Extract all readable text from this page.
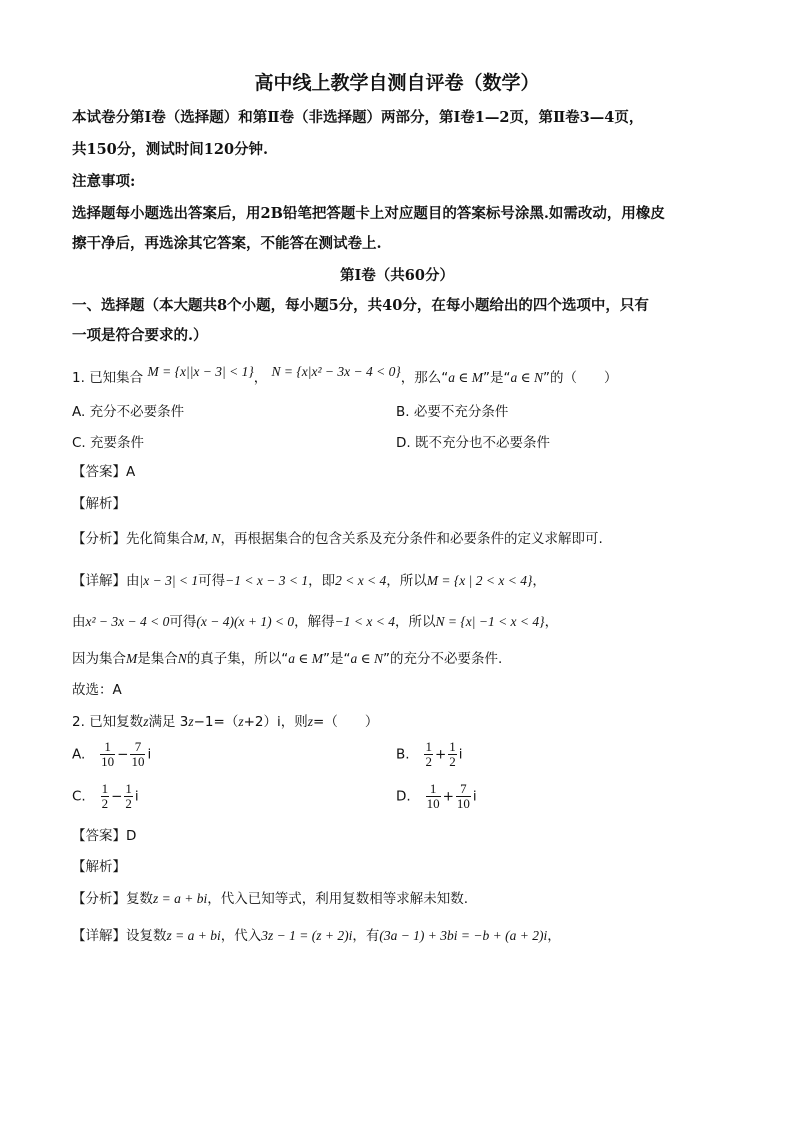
高中线上教学自测自评卷（数学）
本试卷分第Ⅰ卷（选择题）和第Ⅱ卷（非选择题）两部分，第Ⅰ卷1—2页，第Ⅱ卷3—4页，
共150分，测试时间120分钟.
注意事项:
选择题每小题选出答案后，用2B铅笔把答题卡上对应题目的答案标号涂黑.如需改动，用橡皮
擦干净后，再选涂其它答案，不能答在测试卷上.
第Ⅰ卷（共60分）
一、选择题（本大题共8个小题，每小题5分，共40分，在每小题给出的四个选项中，只有
一项是符合要求的.）
1. 已知集合 M = {x||x − 3| < 1}， N = {x|x² − 3x − 4 < 0}，那么“a ∈ M”是“a ∈ N”的（　　）
A. 充分不必要条件	B. 必要不充分条件
C. 充要条件	D. 既不充分也不必要条件
【答案】A
【解析】
【分析】先化简集合M, N，再根据集合的包含关系及充分条件和必要条件的定义求解即可.
【详解】由|x − 3| < 1可得−1 < x − 3 < 1，即2 < x < 4，所以M = {x | 2 < x < 4}，
由x² − 3x − 4 < 0可得(x − 4)(x + 1) < 0，解得−1 < x < 4，所以N = {x| −1 < x < 4}，
因为集合M是集合N的真子集，所以“a ∈ M”是“a ∈ N”的充分不必要条件.
故选：A
2. 已知复数z满足 3z−1=（z+2）i，则z=（　　）
A. $\frac{1}{10} - \frac{7}{10}$ i	B. $\frac{1}{2} + \frac{1}{2}$ i
C. $\frac{1}{2} - \frac{1}{2}$ i	D. $\frac{1}{10} + \frac{7}{10}$ i
【答案】D
【解析】
【分析】复数z = a + bi，代入已知等式，利用复数相等求解未知数.
【详解】设复数z = a + bi，代入3z − 1 = (z + 2)i，有(3a − 1) + 3bi = −b + (a + 2)i，
